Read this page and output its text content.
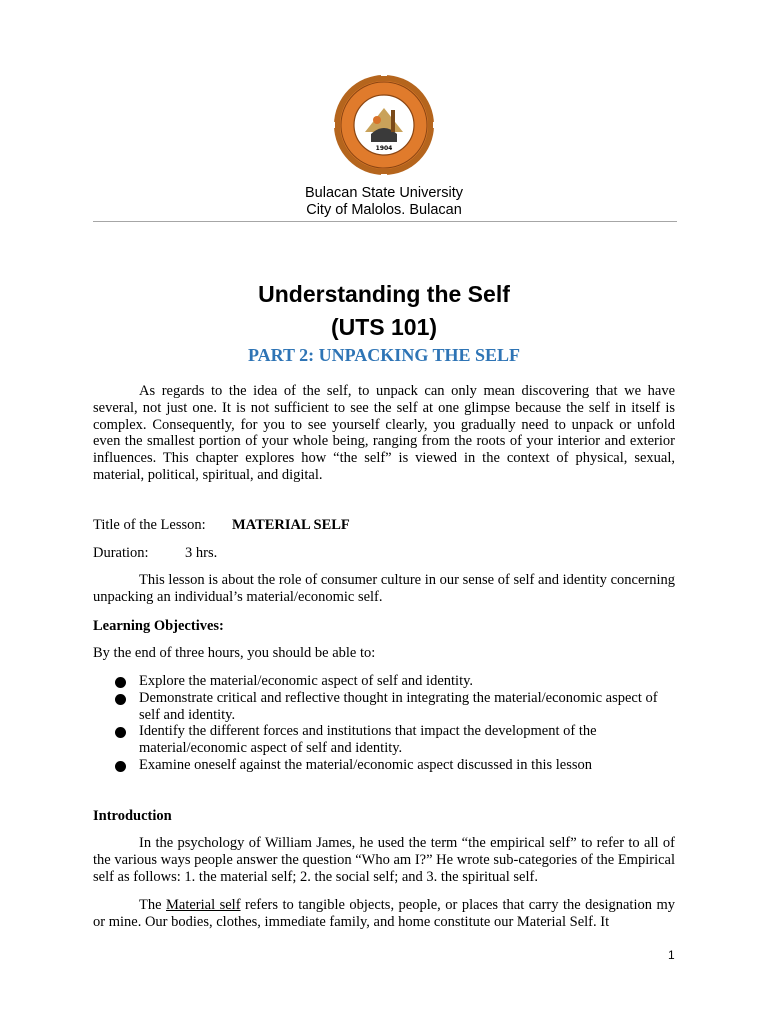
1904
Bulacan State University
City of Malolos. Bulacan
Understanding the Self
(UTS 101)
PART 2: UNPACKING THE SELF
As regards to the idea of the self, to unpack can only mean discovering that we have several, not just one. It is not sufficient to see the self at one glimpse because the self in itself is complex. Consequently, for you to see yourself clearly, you gradually need to unpack or unfold even the smallest portion of your whole being, ranging from the roots of your interior and exterior influences. This chapter explores how “the self” is viewed in the context of physical, sexual, material, political, spiritual, and digital.
Title of the Lesson: MATERIAL SELF
Duration:	3 hrs.
This lesson is about the role of consumer culture in our sense of self and identity concerning unpacking an individual’s material/economic self.
Learning Objectives:
By the end of three hours, you should be able to:
Explore the material/economic aspect of self and identity.
Demonstrate critical and reflective thought in integrating the material/economic aspect of self and identity.
Identify the different forces and institutions that impact the development of the material/economic aspect of self and identity.
Examine oneself against the material/economic aspect discussed in this lesson
Introduction
In the psychology of William James, he used the term “the empirical self” to refer to all of the various ways people answer the question “Who am I?” He wrote sub-categories of the Empirical self as follows: 1. the material self; 2. the social self; and 3. the spiritual self.
The Material self refers to tangible objects, people, or places that carry the designation my or mine. Our bodies, clothes, immediate family, and home constitute our Material Self. It
1
